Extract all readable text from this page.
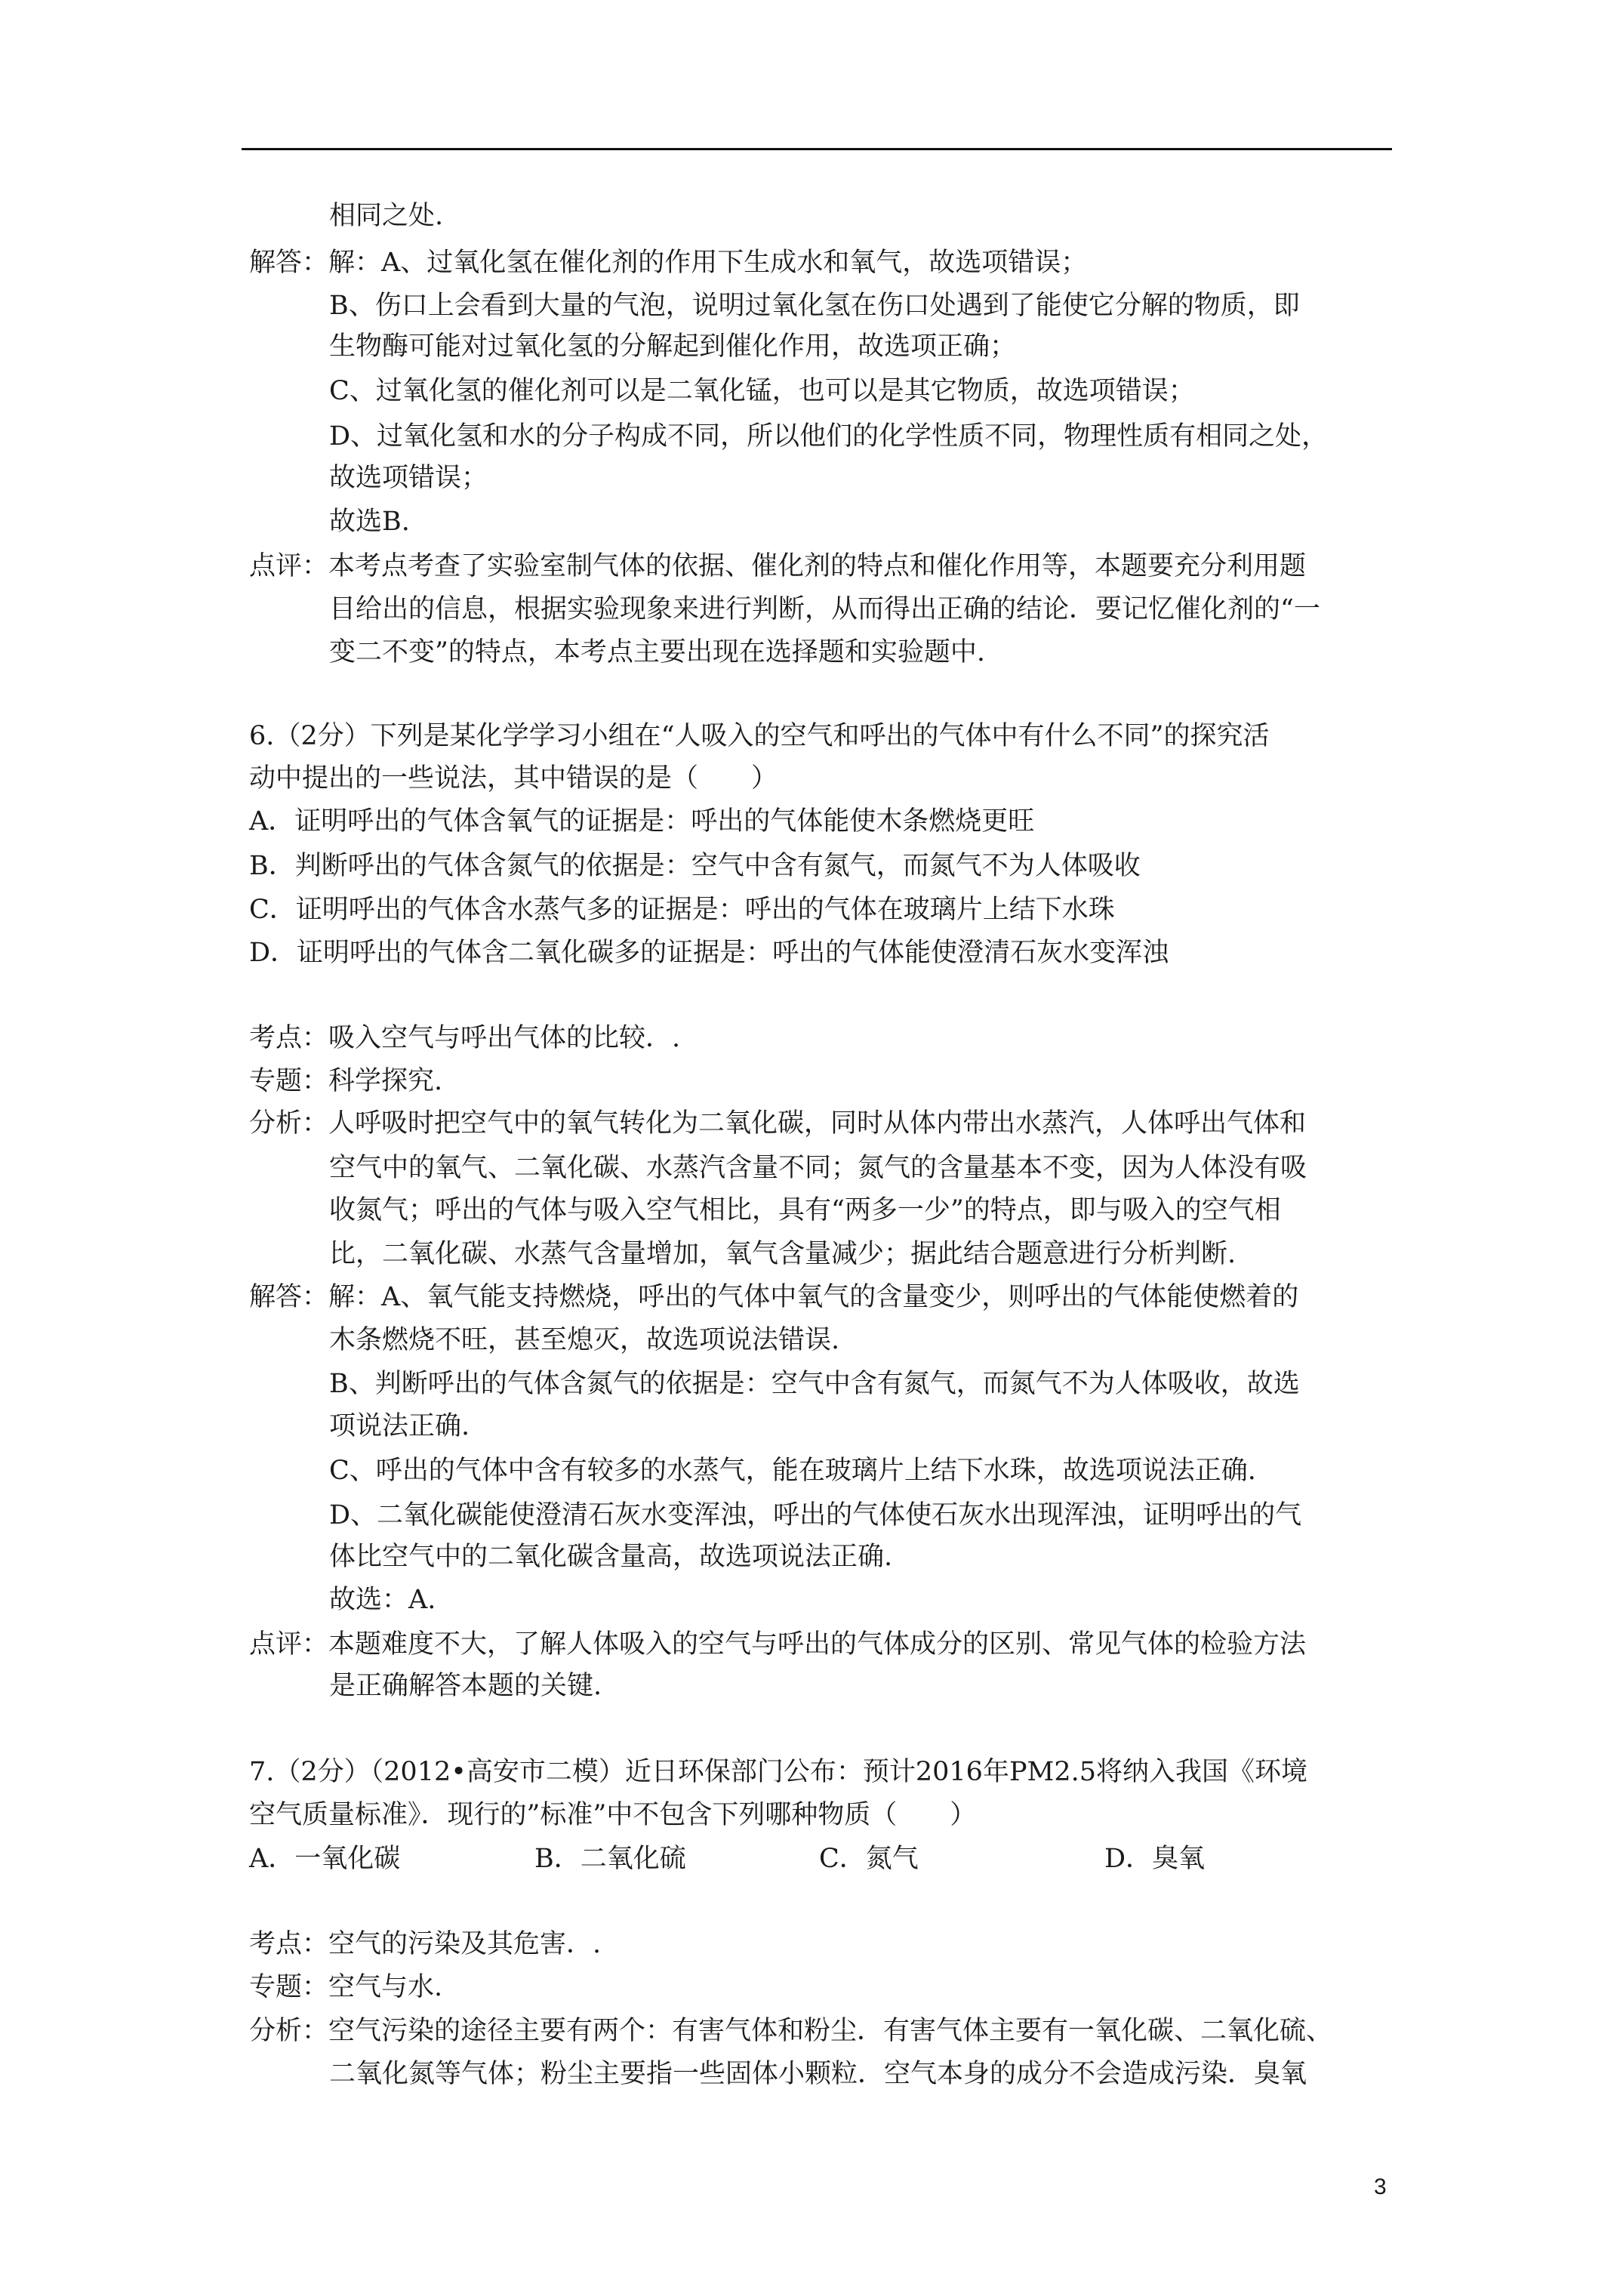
相同之处.
解答：解：A、过氧化氢在催化剂的作用下生成水和氧气，故选项错误；
B、伤口上会看到大量的气泡，说明过氧化氢在伤口处遇到了能使它分解的物质，即
生物酶可能对过氧化氢的分解起到催化作用，故选项正确；
C、过氧化氢的催化剂可以是二氧化锰，也可以是其它物质，故选项错误；
D、过氧化氢和水的分子构成不同，所以他们的化学性质不同，物理性质有相同之处，
故选项错误；
故选B.
点评：本考点考查了实验室制气体的依据、催化剂的特点和催化作用等，本题要充分利用题
目给出的信息，根据实验现象来进行判断，从而得出正确的结论．要记忆催化剂的“一
变二不变”的特点，本考点主要出现在选择题和实验题中.
6.（2分）下列是某化学学习小组在“人吸入的空气和呼出的气体中有什么不同”的探究活
动中提出的一些说法，其中错误的是（　　）
A．证明呼出的气体含氧气的证据是：呼出的气体能使木条燃烧更旺
B．判断呼出的气体含氮气的依据是：空气中含有氮气，而氮气不为人体吸收
C．证明呼出的气体含水蒸气多的证据是：呼出的气体在玻璃片上结下水珠
D．证明呼出的气体含二氧化碳多的证据是：呼出的气体能使澄清石灰水变浑浊
考点：吸入空气与呼出气体的比较．.
专题：科学探究.
分析：人呼吸时把空气中的氧气转化为二氧化碳，同时从体内带出水蒸汽，人体呼出气体和
空气中的氧气、二氧化碳、水蒸汽含量不同；氮气的含量基本不变，因为人体没有吸
收氮气；呼出的气体与吸入空气相比，具有“两多一少”的特点，即与吸入的空气相
比，二氧化碳、水蒸气含量增加，氧气含量减少；据此结合题意进行分析判断.
解答：解：A、氧气能支持燃烧，呼出的气体中氧气的含量变少，则呼出的气体能使燃着的
木条燃烧不旺，甚至熄灭，故选项说法错误.
B、判断呼出的气体含氮气的依据是：空气中含有氮气，而氮气不为人体吸收，故选
项说法正确.
C、呼出的气体中含有较多的水蒸气，能在玻璃片上结下水珠，故选项说法正确.
D、二氧化碳能使澄清石灰水变浑浊，呼出的气体使石灰水出现浑浊，证明呼出的气
体比空气中的二氧化碳含量高，故选项说法正确.
故选：A.
点评：本题难度不大，了解人体吸入的空气与呼出的气体成分的区别、常见气体的检验方法
是正确解答本题的关键.
7.（2分）（2012•高安市二模）近日环保部门公布：预计2016年PM2.5将纳入我国《环境
空气质量标准》．现行的”标准”中不包含下列哪种物质（　　）
A．一氧化碳	B．二氧化硫	C．氮气	D．臭氧
考点：空气的污染及其危害．.
专题：空气与水.
分析：空气污染的途径主要有两个：有害气体和粉尘．有害气体主要有一氧化碳、二氧化硫、
二氧化氮等气体；粉尘主要指一些固体小颗粒．空气本身的成分不会造成污染．臭氧
3
